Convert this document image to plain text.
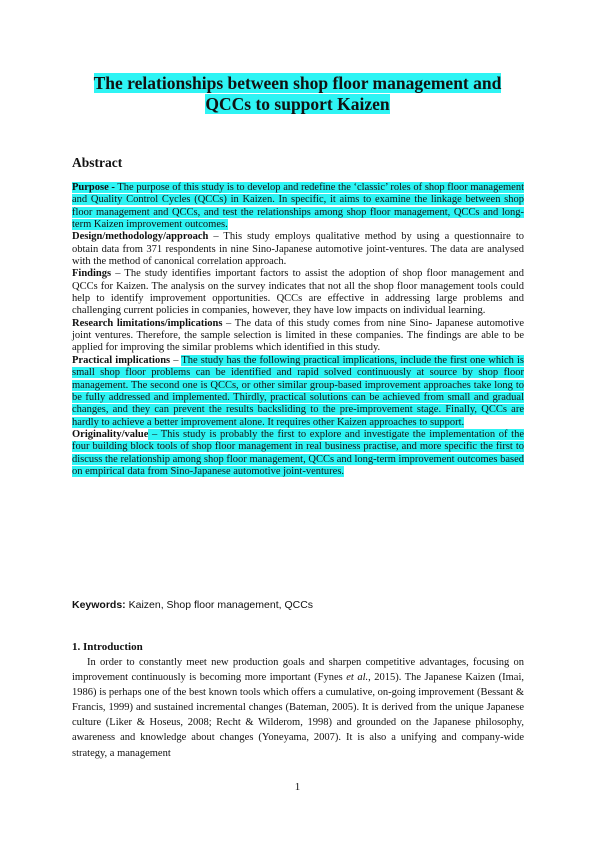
The relationships between shop floor management and
QCCs to support Kaizen
Abstract

Purpose - The purpose of this study is to develop and redefine the ‘classic’ roles of shop floor management and Quality Control Cycles (QCCs) in Kaizen. In specific, it aims to examine the linkage between shop floor management and QCCs, and test the relationships among shop floor management, QCCs and long-term Kaizen improvement outcomes.

Design/methodology/approach – This study employs qualitative method by using a questionnaire to obtain data from 371 respondents in nine Sino-Japanese automotive joint-ventures. The data are analysed with the method of canonical correlation approach.

Findings – The study identifies important factors to assist the adoption of shop floor management and QCCs for Kaizen. The analysis on the survey indicates that not all the shop floor management tools could help to identify improvement opportunities. QCCs are effective in addressing large problems and challenging current policies in companies, however, they have low impacts on individual learning.

Research limitations/implications – The data of this study comes from nine Sino- Japanese automotive joint ventures. Therefore, the sample selection is limited in these companies. The findings are able to be applied for improving the similar problems which identified in this study.

Practical implications – The study has the following practical implications, include the first one which is small shop floor problems can be identified and rapid solved continuously at source by shop floor management. The second one is QCCs, or other similar group-based improvement approaches take long to be fully addressed and implemented. Thirdly, practical solutions can be achieved from small and gradual changes, and they can prevent the results backsliding to the pre-improvement stage. Finally, QCCs are hardly to achieve a better improvement alone. It requires other Kaizen approaches to support.

Originality/value – This study is probably the first to explore and investigate the implementation of the four building block tools of shop floor management in real business practise, and more specific the first to discuss the relationship among shop floor management, QCCs and long-term improvement outcomes based on empirical data from Sino-Japanese automotive joint-ventures.

Keywords: Kaizen, Shop floor management, QCCs
1. Introduction

In order to constantly meet new production goals and sharpen competitive advantages, focusing on improvement continuously is becoming more important (Fynes et al., 2015). The Japanese Kaizen (Imai, 1986) is perhaps one of the best known tools which offers a cumulative, on-going improvement (Bessant & Francis, 1999) and sustained incremental changes (Bateman, 2005). It is derived from the unique Japanese culture (Liker & Hoseus, 2008; Recht & Wilderom, 1998) and grounded on the Japanese philosophy, awareness and knowledge about changes (Yoneyama, 2007). It is also a unifying and company-wide strategy, a management

1
